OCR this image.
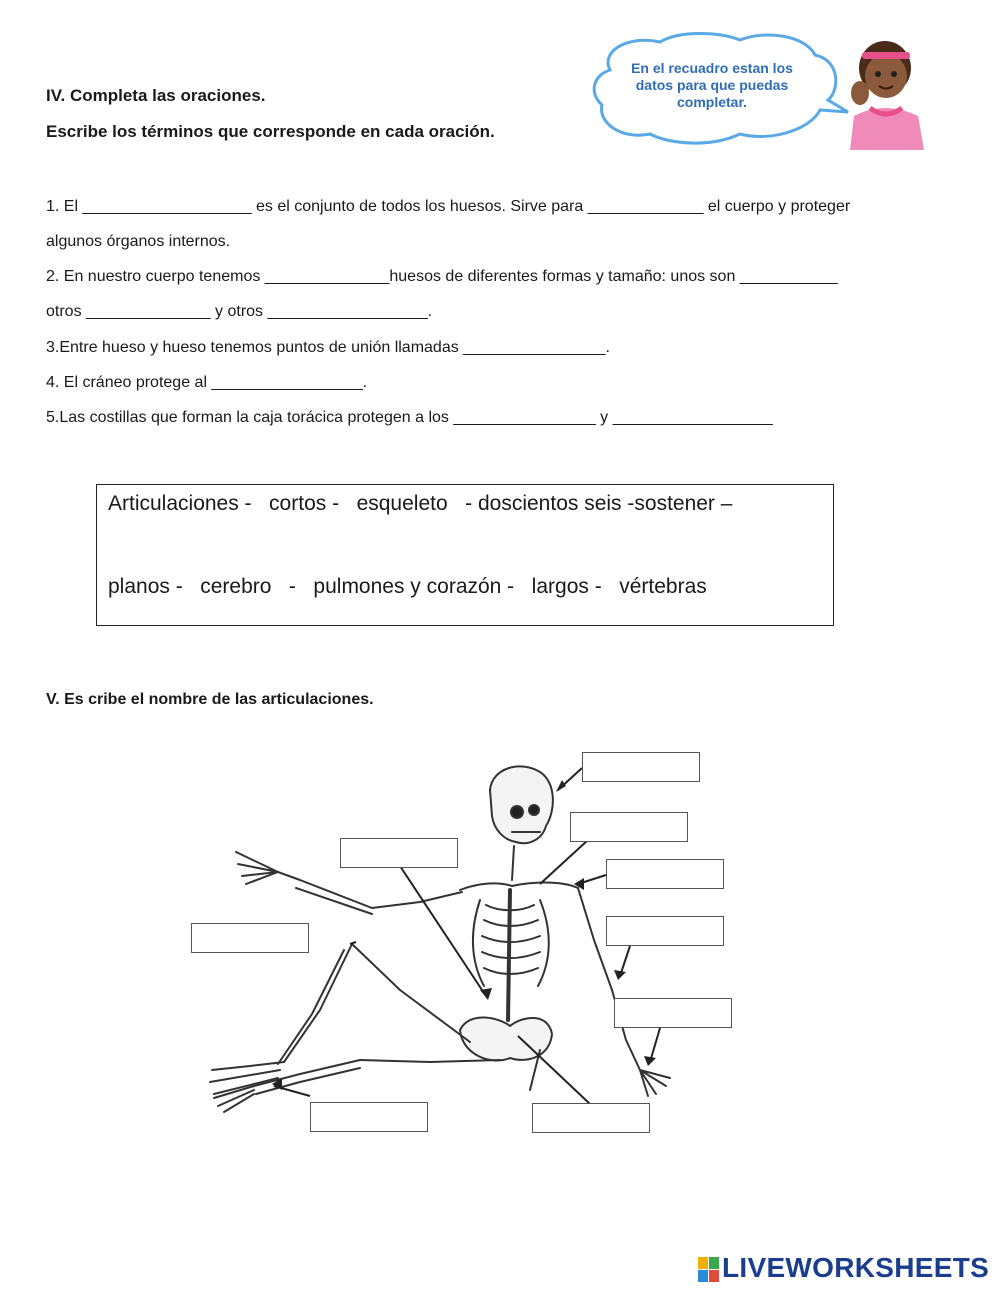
En el recuadro estan los
datos para que puedas
completar.
IV. Completa las oraciones.
Escribe los términos que corresponde en cada oración.
1. El ___________________ es el conjunto de todos los huesos. Sirve para _____________ el cuerpo y proteger
algunos órganos internos.
2. En nuestro cuerpo tenemos ______________huesos de diferentes formas y tamaño: unos son ___________
otros ______________ y otros __________________.
3.Entre hueso y hueso tenemos puntos de unión llamadas ________________.
4. El cráneo protege al _________________.
5.Las costillas que forman la caja torácica protegen a los ________________ y __________________
Articulaciones -   cortos -   esqueleto   - doscientos seis -sostener –
planos -   cerebro   -   pulmones y corazón -   largos -   vértebras
V. Es cribe el nombre de las articulaciones.
LIVEWORKSHEETS
